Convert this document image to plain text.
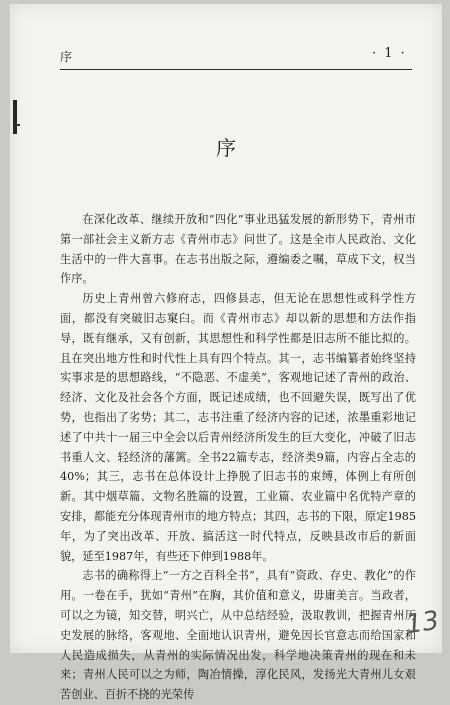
序	· 1 ·
序

在深化改革、继续开放和“四化”事业迅猛发展的新形势下，青州市第一部社会主义新方志《青州市志》问世了。这是全市人民政治、文化生活中的一件大喜事。在志书出版之际，遵编委之嘱，草成下文，权当作序。

历史上青州曾六修府志，四修县志，但无论在思想性或科学性方面，都没有突破旧志窠臼。而《青州市志》却以新的思想和方法作指导，既有继承，又有创新，其思想性和科学性都是旧志所不能比拟的。且在突出地方性和时代性上具有四个特点。其一，志书编纂者始终坚持实事求是的思想路线，“不隐恶、不虚美”，客观地记述了青州的政治、经济、文化及社会各个方面，既记述成绩，也不回避失误，既写出了优势，也指出了劣势；其二，志书注重了经济内容的记述，浓墨重彩地记述了中共十一届三中全会以后青州经济所发生的巨大变化，冲破了旧志书重人文、轻经济的藩篱。全书22篇专志，经济类9篇，内容占全志的40%；其三，志书在总体设计上挣脱了旧志书的束缚，体例上有所创新。其中烟草篇、文物名胜篇的设置，工业篇、农业篇中名优特产章的安排，都能充分体现青州市的地方特点；其四，志书的下限，原定1985年，为了突出改革、开放、搞活这一时代特点，反映县改市后的新面貌，延至1987年，有些还下伸到1988年。

志书的确称得上“一方之百科全书”，具有“资政、存史、教化”的作用。一卷在手，犹如“青州”在胸，其价值和意义，毋庸美言。当政者，可以之为镜，知交替，明兴亡，从中总结经验，汲取教训，把握青州历史发展的脉络，客观地、全面地认识青州，避免因长官意志而给国家和人民造成损失，从青州的实际情况出发，科学地决策青州的现在和未来；青州人民可以之为师，陶冶情操，淳化民风，发扬光大青州儿女艰苦创业、百折不挠的光荣传

13
